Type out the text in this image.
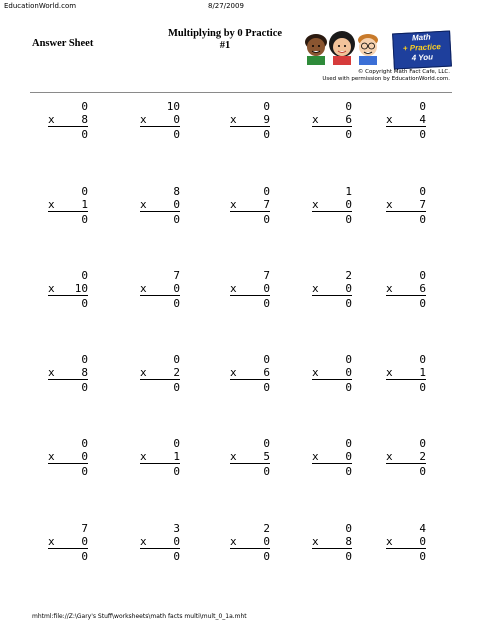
EducationWorld.com	8/27/2009
Answer Sheet
Multiplying by 0 Practice
#1
Math
+ Practice
4 You
© Copyright Math Fact Cafe, LLC.
Used with permission by EducationWorld.com.
0
x 8
0
10
x 0
0
0
x 9
0
0
x 6
0
0
x 4
0
0
x 1
0
8
x 0
0
0
x 7
0
1
x 0
0
0
x 7
0
0
x 10
0
7
x 0
0
7
x 0
0
2
x 0
0
0
x 6
0
0
x 8
0
0
x 2
0
0
x 6
0
0
x 0
0
0
x 1
0
0
x 0
0
0
x 1
0
0
x 5
0
0
x 0
0
0
x 2
0
7
x 0
0
3
x 0
0
2
x 0
0
0
x 8
0
4
x 0
0
mhtml:file://Z:\Gary's Stuff\worksheets\math facts multi\mult_0_1a.mht
